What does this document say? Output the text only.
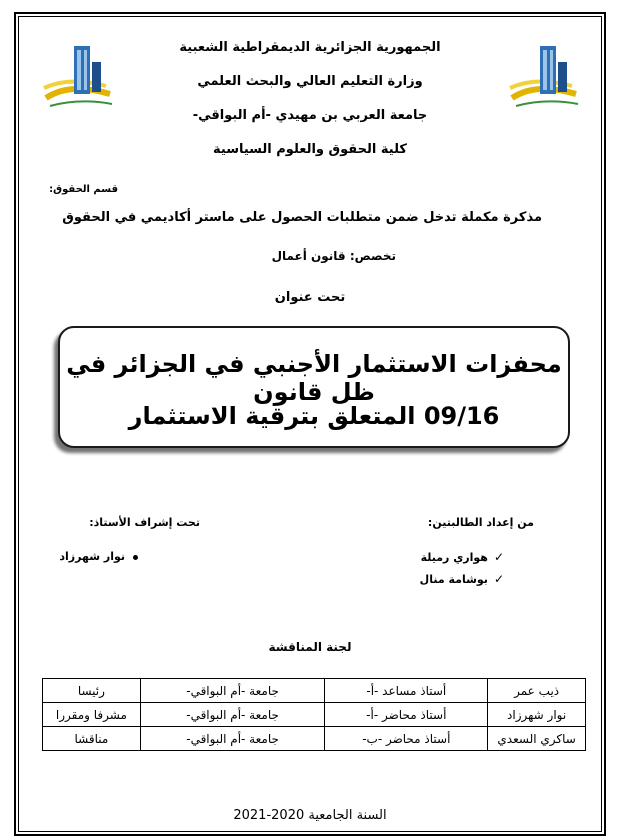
الجمهورية الجزائرية الديمقراطية الشعبية
وزارة التعليم العالي والبحث العلمي
جامعة العربي بن مهيدي -أم البواقي-
كلية الحقوق والعلوم السياسية
قسم الحقوق:
مذكرة مكملة تدخل ضمن متطلبات الحصول على ماستر أكاديمي في الحقوق
تخصص: قانون أعمال
تحت عنوان
محفزات الاستثمار الأجنبي في الجزائر في ظل قانون
09/16 المتعلق بترقية الاستثمار
من إعداد الطالبتين:
✓هواري رميلة
✓بوشامة منال
تحت إشراف الأستاذ:
نوار شهرزاد
لجنة المناقشة
ذيب عمر	أستاذ مساعد -أ-	جامعة -أم البواقي-	رئيسا
نوار شهرزاد	أستاذ محاضر -أ-	جامعة -أم البواقي-	مشرفا ومقررا
ساكري السعدي	أستاذ محاضر -ب-	جامعة -أم البواقي-	مناقشا
السنة الجامعية 2020-2021
